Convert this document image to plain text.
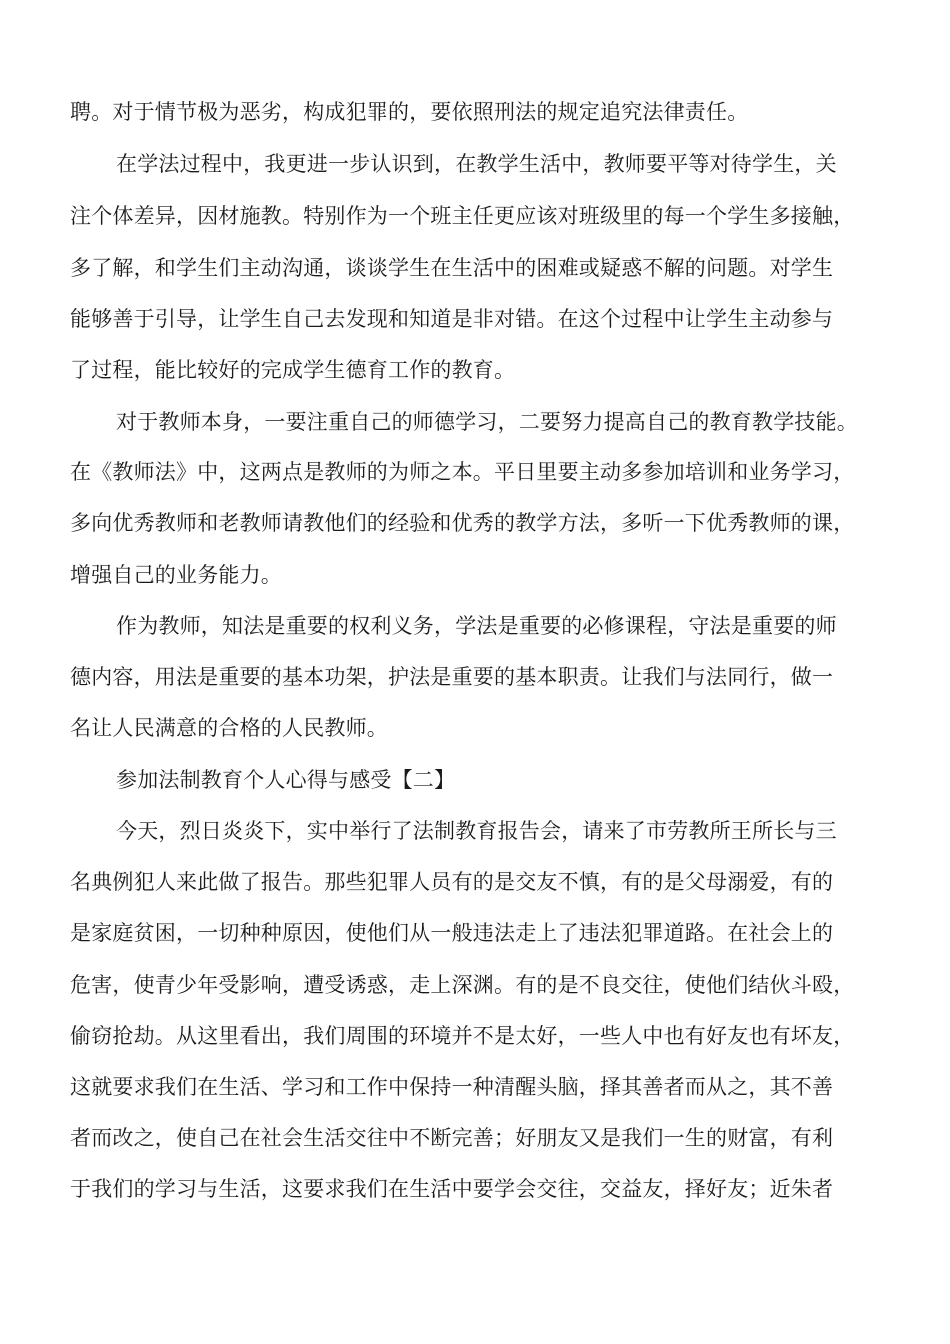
聘。对于情节极为恶劣，构成犯罪的，要依照刑法的规定追究法律责任。
在学法过程中，我更进一步认识到，在教学生活中，教师要平等对待学生，关
注个体差异，因材施教。特别作为一个班主任更应该对班级里的每一个学生多接触，
多了解，和学生们主动沟通，谈谈学生在生活中的困难或疑惑不解的问题。对学生
能够善于引导，让学生自己去发现和知道是非对错。在这个过程中让学生主动参与
了过程，能比较好的完成学生德育工作的教育。
对于教师本身，一要注重自己的师德学习，二要努力提高自己的教育教学技能。
在《教师法》中，这两点是教师的为师之本。平日里要主动多参加培训和业务学习，
多向优秀教师和老教师请教他们的经验和优秀的教学方法，多听一下优秀教师的课，
增强自己的业务能力。
作为教师，知法是重要的权利义务，学法是重要的必修课程，守法是重要的师
德内容，用法是重要的基本功架，护法是重要的基本职责。让我们与法同行，做一
名让人民满意的合格的人民教师。
参加法制教育个人心得与感受【二】
今天，烈日炎炎下，实中举行了法制教育报告会，请来了市劳教所王所长与三
名典例犯人来此做了报告。那些犯罪人员有的是交友不慎，有的是父母溺爱，有的
是家庭贫困，一切种种原因，使他们从一般违法走上了违法犯罪道路。在社会上的
危害，使青少年受影响，遭受诱惑，走上深渊。有的是不良交往，使他们结伙斗殴，
偷窃抢劫。从这里看出，我们周围的环境并不是太好，一些人中也有好友也有坏友，
这就要求我们在生活、学习和工作中保持一种清醒头脑，择其善者而从之，其不善
者而改之，使自己在社会生活交往中不断完善；好朋友又是我们一生的财富，有利
于我们的学习与生活，这要求我们在生活中要学会交往，交益友，择好友；近朱者
